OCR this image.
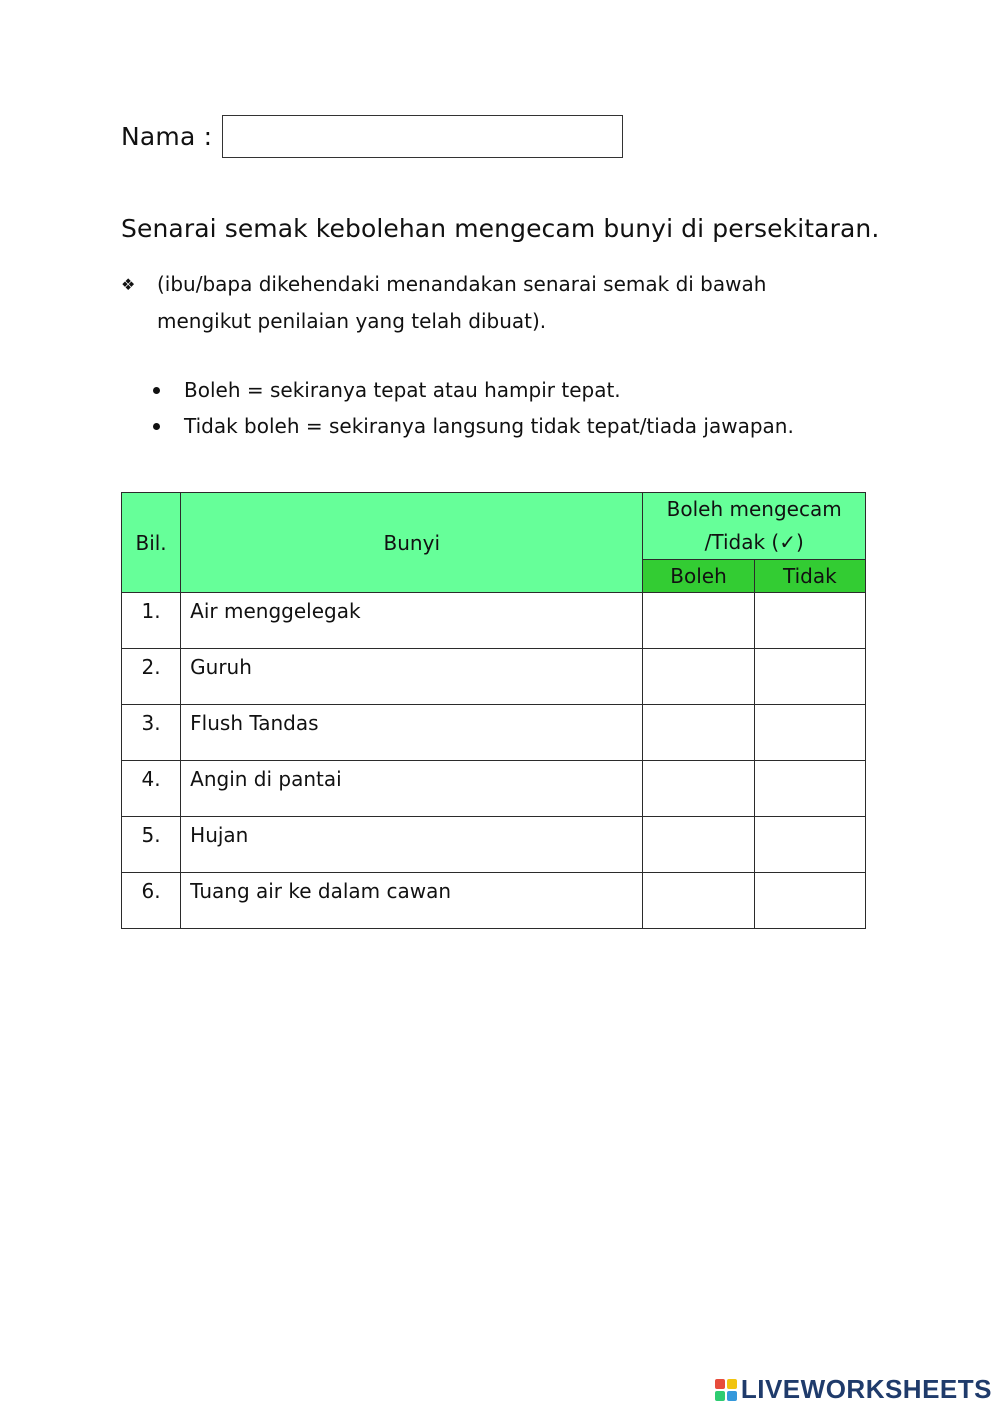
Nama :
Senarai semak kebolehan mengecam bunyi di persekitaran.
❖	(ibu/bapa dikehendaki menandakan senarai semak di bawah mengikut penilaian yang telah dibuat).
Boleh = sekiranya tepat atau hampir tepat.
Tidak boleh = sekiranya langsung tidak tepat/tiada jawapan.
Bil.	Bunyi	Boleh mengecam
/Tidak (✓)	

		Boleh	Tidak
1.	Air menggelegak		
2.	Guruh		
3.	Flush Tandas		
4.	Angin di pantai		
5.	Hujan		
6.	Tuang air ke dalam cawan		
LIVEWORKSHEETS
